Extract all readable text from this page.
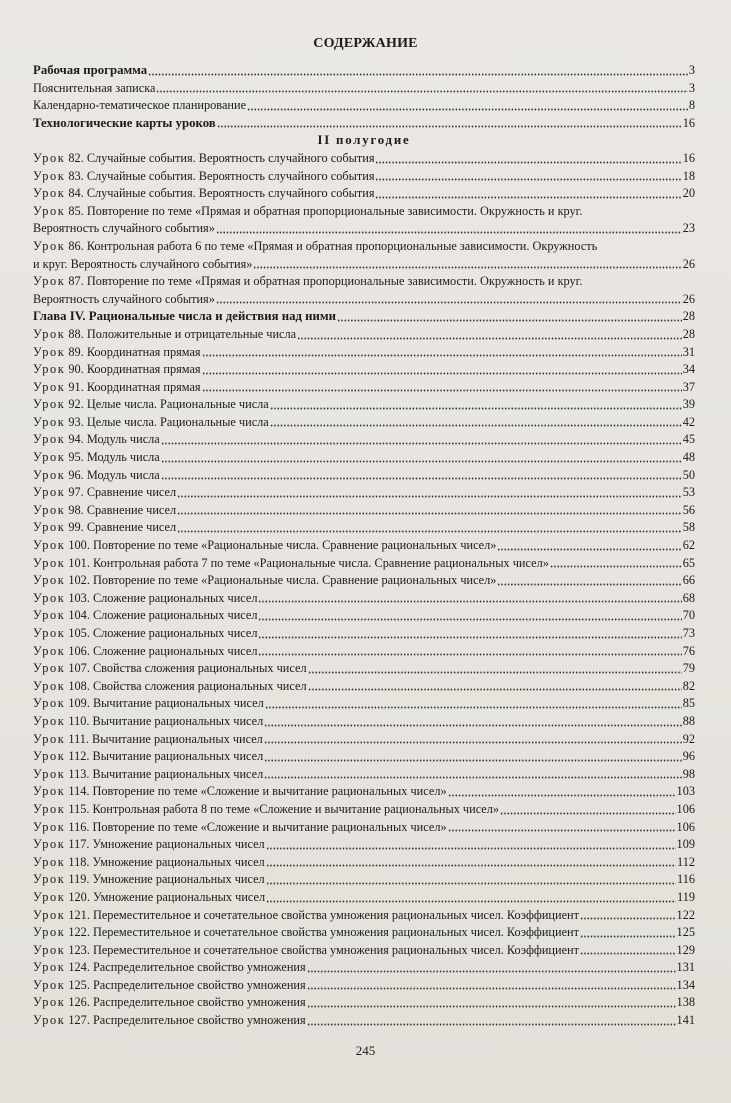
СОДЕРЖАНИЕ
Рабочая программа	3
Пояснительная записка	3
Календарно-тематическое планирование	8
Технологические карты уроков	16
II полугодие
Урок 82. Случайные события. Вероятность случайного события	16
Урок 83. Случайные события. Вероятность случайного события	18
Урок 84. Случайные события. Вероятность случайного события	20
Урок 85. Повторение по теме «Прямая и обратная пропорциональные зависимости. Окружность и круг.
Вероятность случайного события»	23
Урок 86. Контрольная работа 6 по теме «Прямая и обратная пропорциональные зависимости. Окружность
и круг. Вероятность случайного события»	26
Урок 87. Повторение по теме «Прямая и обратная пропорциональные зависимости. Окружность и круг.
Вероятность случайного события»	26
Глава IV. Рациональные числа и действия над ними	28
Урок 88. Положительные и отрицательные числа	28
Урок 89. Координатная прямая	31
Урок 90. Координатная прямая	34
Урок 91. Координатная прямая	37
Урок 92. Целые числа. Рациональные числа	39
Урок 93. Целые числа. Рациональные числа	42
Урок 94. Модуль числа	45
Урок 95. Модуль числа	48
Урок 96. Модуль числа	50
Урок 97. Сравнение чисел	53
Урок 98. Сравнение чисел	56
Урок 99. Сравнение чисел	58
Урок 100. Повторение по теме «Рациональные числа. Сравнение рациональных чисел»	62
Урок 101. Контрольная работа 7 по теме «Рациональные числа. Сравнение рациональных чисел»	65
Урок 102. Повторение по теме «Рациональные числа. Сравнение рациональных чисел»	66
Урок 103. Сложение рациональных чисел	68
Урок 104. Сложение рациональных чисел	70
Урок 105. Сложение рациональных чисел	73
Урок 106. Сложение рациональных чисел	76
Урок 107. Свойства сложения рациональных чисел	79
Урок 108. Свойства сложения рациональных чисел	82
Урок 109. Вычитание рациональных чисел	85
Урок 110. Вычитание рациональных чисел	88
Урок 111. Вычитание рациональных чисел	92
Урок 112. Вычитание рациональных чисел	96
Урок 113. Вычитание рациональных чисел	98
Урок 114. Повторение по теме «Сложение и вычитание рациональных чисел»	103
Урок 115. Контрольная работа 8 по теме «Сложение и вычитание рациональных чисел»	106
Урок 116. Повторение по теме «Сложение и вычитание рациональных чисел»	106
Урок 117. Умножение рациональных чисел	109
Урок 118. Умножение рациональных чисел	112
Урок 119. Умножение рациональных чисел	116
Урок 120. Умножение рациональных чисел	119
Урок 121. Переместительное и сочетательное свойства умножения рациональных чисел. Коэффициент	122
Урок 122. Переместительное и сочетательное свойства умножения рациональных чисел. Коэффициент	125
Урок 123. Переместительное и сочетательное свойства умножения рациональных чисел. Коэффициент	129
Урок 124. Распределительное свойство умножения	131
Урок 125. Распределительное свойство умножения	134
Урок 126. Распределительное свойство умножения	138
Урок 127. Распределительное свойство умножения	141
245
